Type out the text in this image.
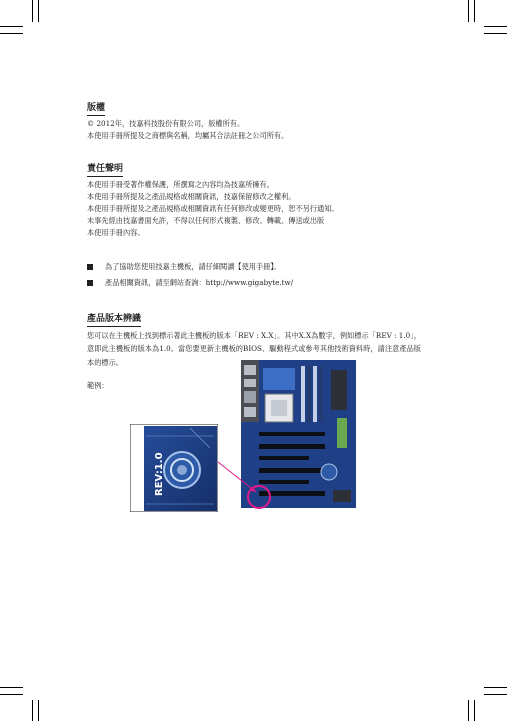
版權
© 2012年，技嘉科技股份有限公司，版權所有。
本使用手冊所提及之商標與名稱，均屬其合法註冊之公司所有。
責任聲明
本使用手冊受著作權保護，所撰寫之內容均為技嘉所擁有。
本使用手冊所提及之產品規格或相關資訊，技嘉保留修改之權利。
本使用手冊所提及之產品規格或相關資訊有任何修改或變更時，恕不另行通知。
未事先經由技嘉書面允許，不得以任何形式複製、修改、轉載、傳送或出版
本使用手冊內容。
為了協助您使用技嘉主機板，請仔細閱讀【使用手冊】。
產品相關資訊，請至網站查詢：http://www.gigabyte.tw/
產品版本辨識
您可以在主機板上找到標示著此主機板的版本「REV : X.X」。其中X.X為數字，例如標示「REV : 1.0」，意即此主機板的版本為1.0。當您要更新主機板的BIOS、驅動程式或參考其他技術資料時，請注意產品版本的標示。
範例：
REV:1.0
